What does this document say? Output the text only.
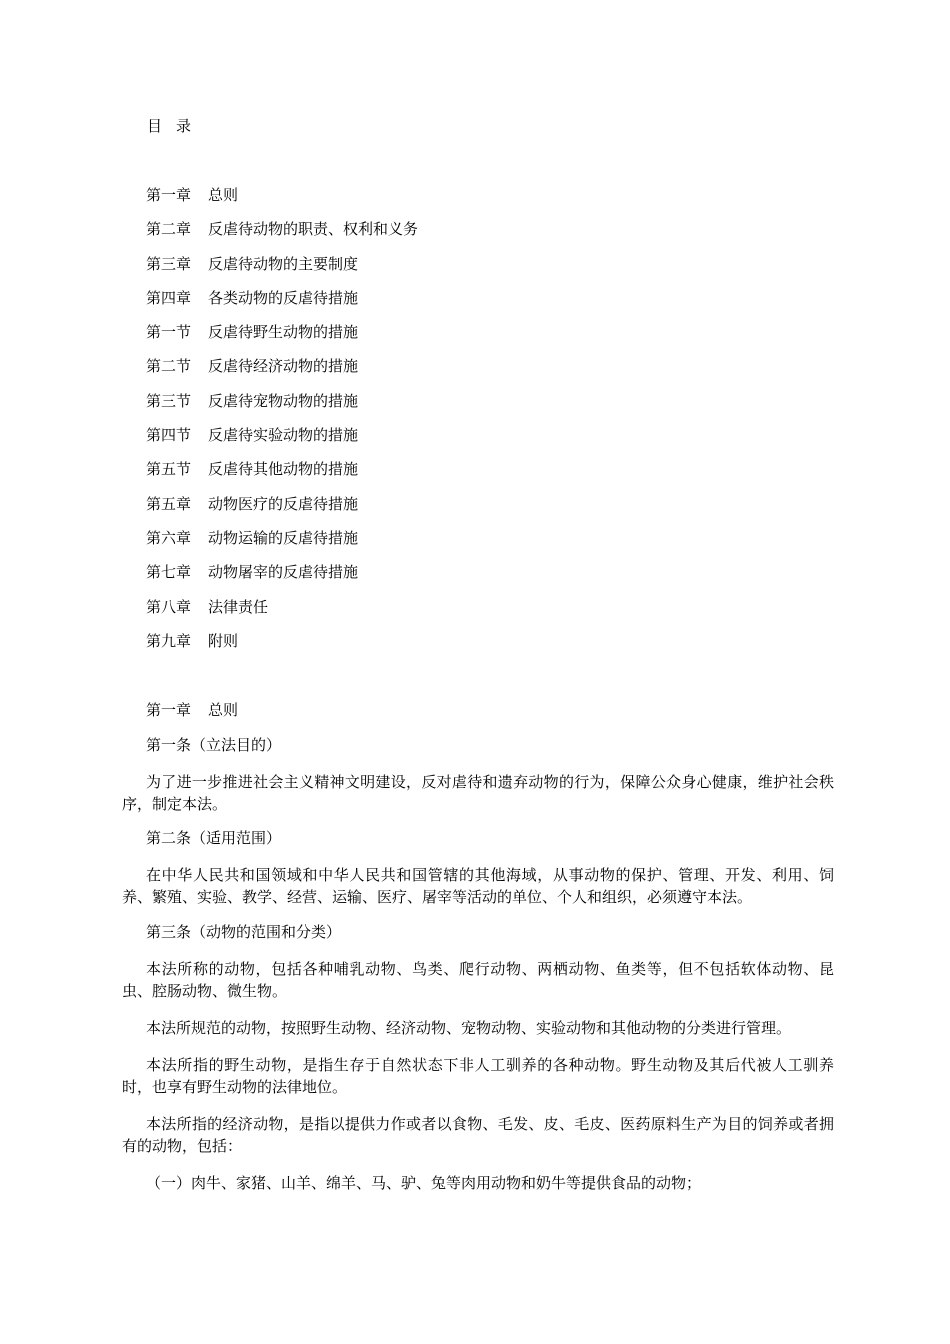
目录
第一章 总则
第二章 反虐待动物的职责、权利和义务
第三章 反虐待动物的主要制度
第四章 各类动物的反虐待措施
第一节 反虐待野生动物的措施
第二节 反虐待经济动物的措施
第三节 反虐待宠物动物的措施
第四节 反虐待实验动物的措施
第五节 反虐待其他动物的措施
第五章 动物医疗的反虐待措施
第六章 动物运输的反虐待措施
第七章 动物屠宰的反虐待措施
第八章 法律责任
第九章 附则
第一章 总则
第一条（立法目的）

为了进一步推进社会主义精神文明建设，反对虐待和遗弃动物的行为，保障公众身心健康，维护社会秩序，制定本法。

第二条（适用范围）

在中华人民共和国领域和中华人民共和国管辖的其他海域，从事动物的保护、管理、开发、利用、饲养、繁殖、实验、教学、经营、运输、医疗、屠宰等活动的单位、个人和组织，必须遵守本法。

第三条（动物的范围和分类）

本法所称的动物，包括各种哺乳动物、鸟类、爬行动物、两栖动物、鱼类等，但不包括软体动物、昆虫、腔肠动物、微生物。

本法所规范的动物，按照野生动物、经济动物、宠物动物、实验动物和其他动物的分类进行管理。

本法所指的野生动物，是指生存于自然状态下非人工驯养的各种动物。野生动物及其后代被人工驯养时，也享有野生动物的法律地位。

本法所指的经济动物，是指以提供力作或者以食物、毛发、皮、毛皮、医药原料生产为目的饲养或者拥有的动物，包括：

（一）肉牛、家猪、山羊、绵羊、马、驴、兔等肉用动物和奶牛等提供食品的动物；
